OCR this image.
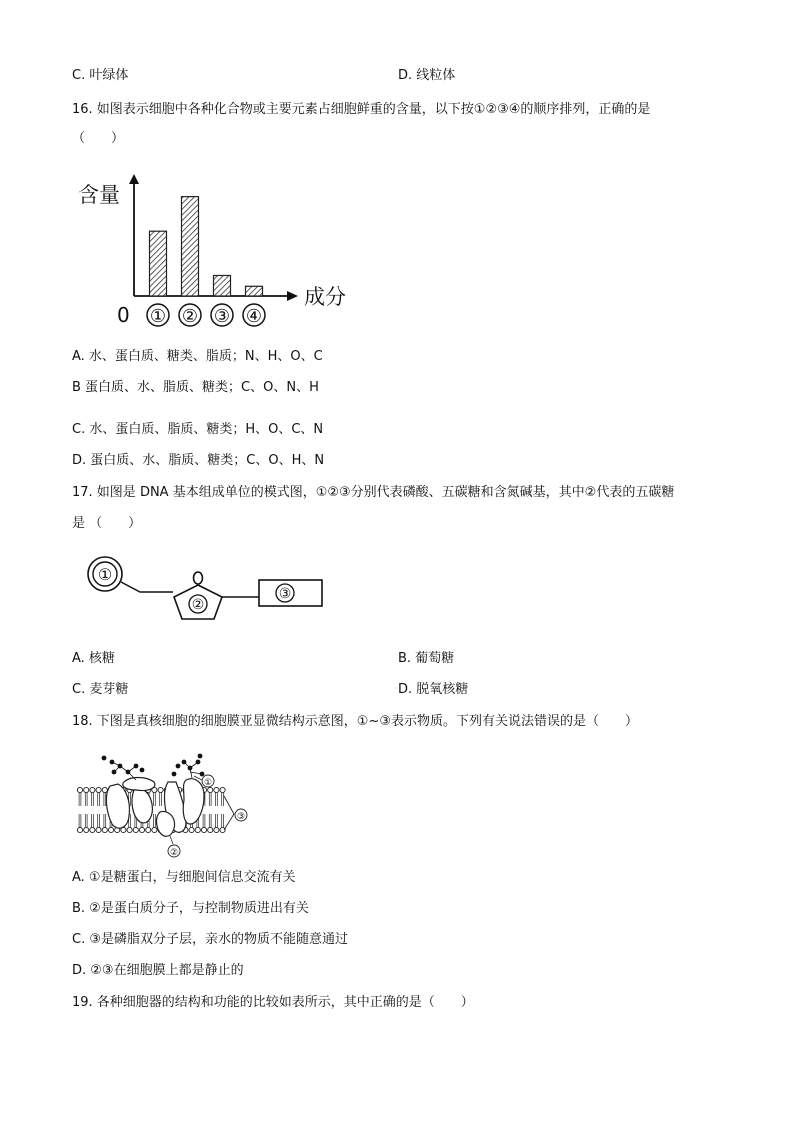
C. 叶绿体	D. 线粒体
16. 如图表示细胞中各种化合物或主要元素占细胞鲜重的含量，以下按①②③④的顺序排列，正确的是
（　　）
含量
成分
0 ① ② ③ ④
A. 水、蛋白质、糖类、脂质；N、H、O、C
B 蛋白质、水、脂质、糖类；C、O、N、H
C. 水、蛋白质、脂质、糖类；H、O、C、N
D. 蛋白质、水、脂质、糖类；C、O、H、N
17. 如图是 DNA 基本组成单位的模式图，①②③分别代表磷酸、五碳糖和含氮碱基，其中②代表的五碳糖
是 （　　）
①
②
③
A. 核糖	B. 葡萄糖
C. 麦芽糖	D. 脱氧核糖
18. 下图是真核细胞的细胞膜亚显微结构示意图，①~③表示物质。下列有关说法错误的是（　　）
①
③
②
A. ①是糖蛋白，与细胞间信息交流有关
B. ②是蛋白质分子，与控制物质进出有关
C. ③是磷脂双分子层，亲水的物质不能随意通过
D. ②③在细胞膜上都是静止的
19. 各种细胞器的结构和功能的比较如表所示，其中正确的是（　　）
